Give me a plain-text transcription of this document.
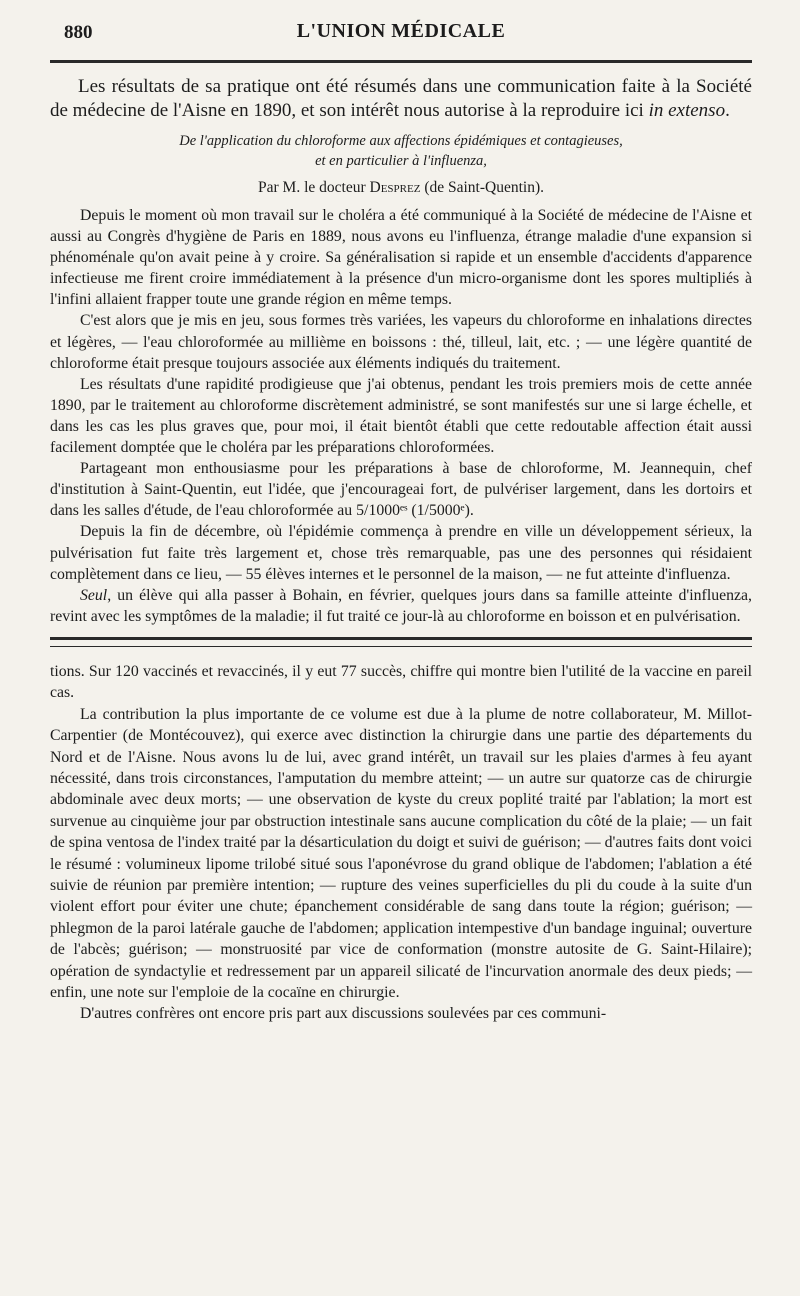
880	L'UNION MÉDICALE

Les résultats de sa pratique ont été résumés dans une communication faite à la Société de médecine de l'Aisne en 1890, et son intérêt nous autorise à la reproduire ici in extenso.

De l'application du chloroforme aux affections épidémiques et contagieuses,
et en particulier à l'influenza,
Par M. le docteur Desprez (de Saint-Quentin).

Depuis le moment où mon travail sur le choléra a été communiqué à la Société de médecine de l'Aisne et aussi au Congrès d'hygiène de Paris en 1889, nous avons eu l'influenza, étrange maladie d'une expansion si phénoménale qu'on avait peine à y croire. Sa généralisation si rapide et un ensemble d'accidents d'apparence infectieuse me firent croire immédiatement à la présence d'un micro-organisme dont les spores multipliés à l'infini allaient frapper toute une grande région en même temps.

C'est alors que je mis en jeu, sous formes très variées, les vapeurs du chloroforme en inhalations directes et légères, — l'eau chloroformée au millième en boissons : thé, tilleul, lait, etc. ; — une légère quantité de chloroforme était presque toujours associée aux éléments indiqués du traitement.

Les résultats d'une rapidité prodigieuse que j'ai obtenus, pendant les trois premiers mois de cette année 1890, par le traitement au chloroforme discrètement administré, se sont manifestés sur une si large échelle, et dans les cas les plus graves que, pour moi, il était bientôt établi que cette redoutable affection était aussi facilement domptée que le choléra par les préparations chloroformées.

Partageant mon enthousiasme pour les préparations à base de chloroforme, M. Jeannequin, chef d'institution à Saint-Quentin, eut l'idée, que j'encourageai fort, de pulvériser largement, dans les dortoirs et dans les salles d'étude, de l'eau chloroformée au 5/1000ᵉˢ (1/5000ᵉ).

Depuis la fin de décembre, où l'épidémie commença à prendre en ville un développement sérieux, la pulvérisation fut faite très largement et, chose très remarquable, pas une des personnes qui résidaient complètement dans ce lieu, — 55 élèves internes et le personnel de la maison, — ne fut atteinte d'influenza.

Seul, un élève qui alla passer à Bohain, en février, quelques jours dans sa famille atteinte d'influenza, revint avec les symptômes de la maladie; il fut traité ce jour-là au chloroforme en boisson et en pulvérisation.

tions. Sur 120 vaccinés et revaccinés, il y eut 77 succès, chiffre qui montre bien l'utilité de la vaccine en pareil cas.

La contribution la plus importante de ce volume est due à la plume de notre collaborateur, M. Millot-Carpentier (de Montécouvez), qui exerce avec distinction la chirurgie dans une partie des départements du Nord et de l'Aisne. Nous avons lu de lui, avec grand intérêt, un travail sur les plaies d'armes à feu ayant nécessité, dans trois circonstances, l'amputation du membre atteint; — un autre sur quatorze cas de chirurgie abdominale avec deux morts; — une observation de kyste du creux poplité traité par l'ablation; la mort est survenue au cinquième jour par obstruction intestinale sans aucune complication du côté de la plaie; — un fait de spina ventosa de l'index traité par la désarticulation du doigt et suivi de guérison; — d'autres faits dont voici le résumé : volumineux lipome trilobé situé sous l'aponévrose du grand oblique de l'abdomen; l'ablation a été suivie de réunion par première intention; — rupture des veines superficielles du pli du coude à la suite d'un violent effort pour éviter une chute; épanchement considérable de sang dans toute la région; guérison; — phlegmon de la paroi latérale gauche de l'abdomen; application intempestive d'un bandage inguinal; ouverture de l'abcès; guérison; — monstruosité par vice de conformation (monstre autosite de G. Saint-Hilaire); opération de syndactylie et redressement par un appareil silicaté de l'incurvation anormale des deux pieds; — enfin, une note sur l'emploie de la cocaïne en chirurgie.

D'autres confrères ont encore pris part aux discussions soulevées par ces communi-
